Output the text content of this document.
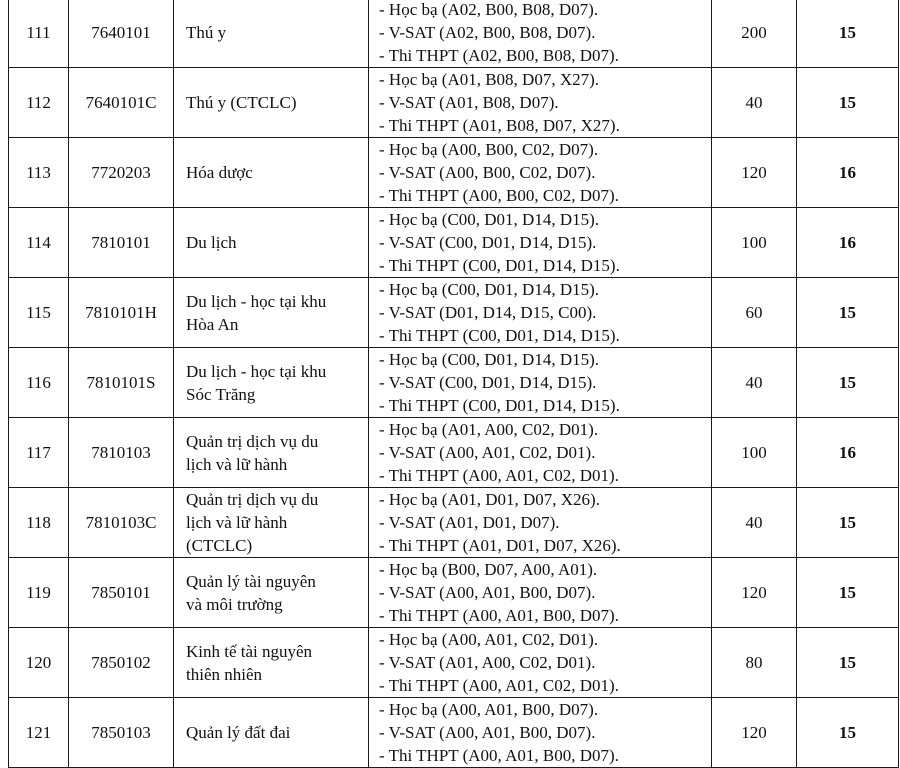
111	7640101	Thú y	- Học bạ (A02, B00, B08, D07).
- V-SAT (A02, B00, B08, D07).
- Thi THPT (A02, B00, B08, D07).	200	15
112	7640101C	Thú y (CTCLC)	- Học bạ (A01, B08, D07, X27).
- V-SAT (A01, B08, D07).
- Thi THPT (A01, B08, D07, X27).	40	15
113	7720203	Hóa dược	- Học bạ (A00, B00, C02, D07).
- V-SAT (A00, B00, C02, D07).
- Thi THPT (A00, B00, C02, D07).	120	16
114	7810101	Du lịch	- Học bạ (C00, D01, D14, D15).
- V-SAT (C00, D01, D14, D15).
- Thi THPT (C00, D01, D14, D15).	100	16
115	7810101H	Du lịch - học tại khu
Hòa An	- Học bạ (C00, D01, D14, D15).
- V-SAT (D01, D14, D15, C00).
- Thi THPT (C00, D01, D14, D15).	60	15
116	7810101S	Du lịch - học tại khu
Sóc Trăng	- Học bạ (C00, D01, D14, D15).
- V-SAT (C00, D01, D14, D15).
- Thi THPT (C00, D01, D14, D15).	40	15
117	7810103	Quản trị dịch vụ du
lịch và lữ hành	- Học bạ (A01, A00, C02, D01).
- V-SAT (A00, A01, C02, D01).
- Thi THPT (A00, A01, C02, D01).	100	16
118	7810103C	Quản trị dịch vụ du
lịch và lữ hành
(CTCLC)	- Học bạ (A01, D01, D07, X26).
- V-SAT (A01, D01, D07).
- Thi THPT (A01, D01, D07, X26).	40	15
119	7850101	Quản lý tài nguyên
và môi trường	- Học bạ (B00, D07, A00, A01).
- V-SAT (A00, A01, B00, D07).
- Thi THPT (A00, A01, B00, D07).	120	15
120	7850102	Kinh tế tài nguyên
thiên nhiên	- Học bạ (A00, A01, C02, D01).
- V-SAT (A01, A00, C02, D01).
- Thi THPT (A00, A01, C02, D01).	80	15
121	7850103	Quản lý đất đai	- Học bạ (A00, A01, B00, D07).
- V-SAT (A00, A01, B00, D07).
- Thi THPT (A00, A01, B00, D07).	120	15
